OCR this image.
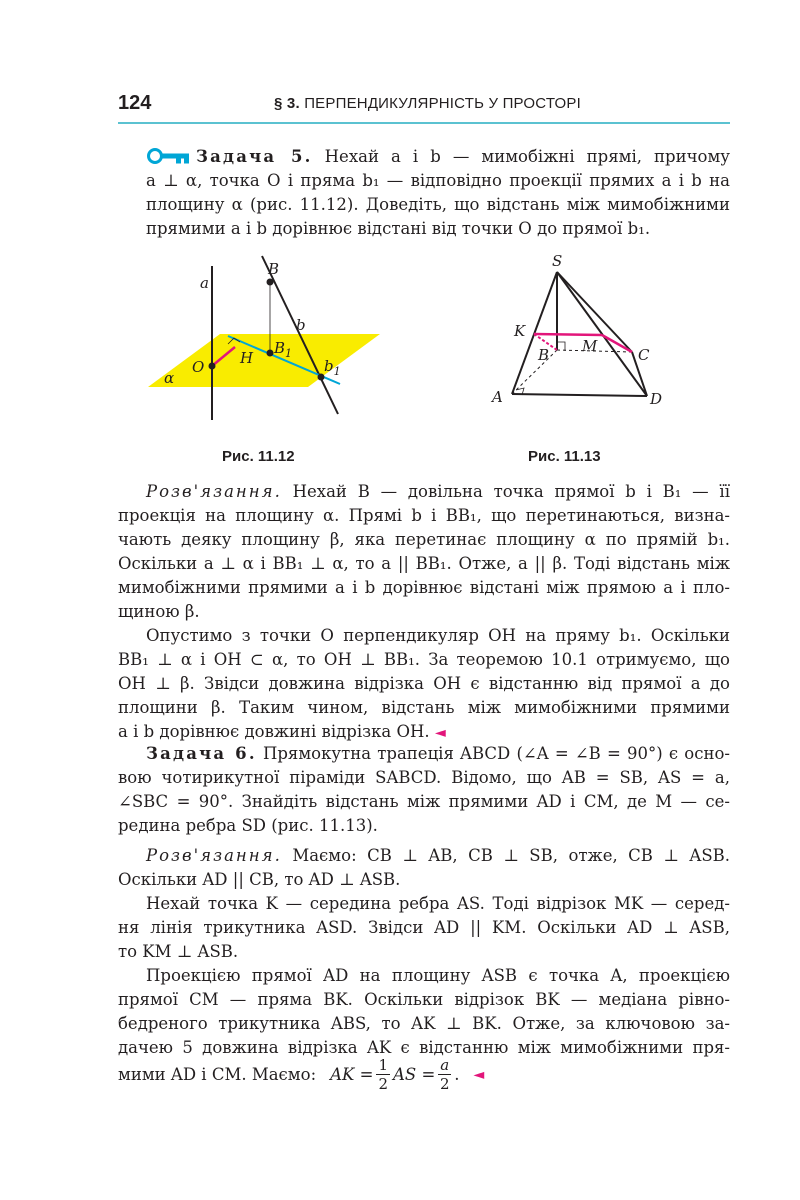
124	§ 3. ПЕРПЕНДИКУЛЯРНІСТЬ У ПРОСТОРІ
Задача 5. Нехай a і b — мимобіжні прямі, причому
a ⊥ α, точка O і пряма b₁ — відповідно проекції прямих a і b на
площину α (рис. 11.12). Доведіть, що відстань між мимобіжними
прямими a і b дорівнює відстані від точки O до прямої b₁.
a
B
b
O H
$B_1$
$b_1$
α
Рис. 11.12
S
K
B M	C
A	D
Рис. 11.13
Розв'язання. Нехай B — довільна точка прямої b і B₁ — її
проекція на площину α. Прямі b і BB₁, що перетинаються, визна-
чають деяку площину β, яка перетинає площину α по прямій b₁.
Оскільки a ⊥ α і BB₁ ⊥ α, то a || BB₁. Отже, a || β. Тоді відстань між
мимобіжними прямими a і b дорівнює відстані між прямою a і пло-
щиною β.
Опустимо з точки O перпендикуляр OH на пряму b₁. Оскільки
BB₁ ⊥ α і OH ⊂ α, то OH ⊥ BB₁. За теоремою 10.1 отримуємо, що
OH ⊥ β. Звідси довжина відрізка OH є відстанню від прямої a до
площини β. Таким чином, відстань між мимобіжними прямими
a і b дорівнює довжині відрізка OH. ◄
Задача 6. Прямокутна трапеція ABCD (∠A = ∠B = 90°) є осно-
вою чотирикутної піраміди SABCD. Відомо, що AB = SB, AS = a,
∠SBC = 90°. Знайдіть відстань між прямими AD і CM, де M — се-
редина ребра SD (рис. 11.13).
Розв'язання. Маємо: CB ⊥ AB, CB ⊥ SB, отже, CB ⊥ ASB.
Оскільки AD || CB, то AD ⊥ ASB.
Нехай точка K — середина ребра AS. Тоді відрізок MK — серед-
ня лінія трикутника ASD. Звідси AD || KM. Оскільки AD ⊥ ASB,
то KM ⊥ ASB.
Проекцією прямої AD на площину ASB є точка A, проекцією
прямої CM — пряма BK. Оскільки відрізок BK — медіана рівно-
бедреного трикутника ABS, то AK ⊥ BK. Отже, за ключовою за-
дачею 5 довжина відрізка AK є відстанню між мимобіжними пря-
мими AD і CM. Маємо: AK = $\frac{1}{2}$ AS = $\frac{a}{2}$ . ◄
